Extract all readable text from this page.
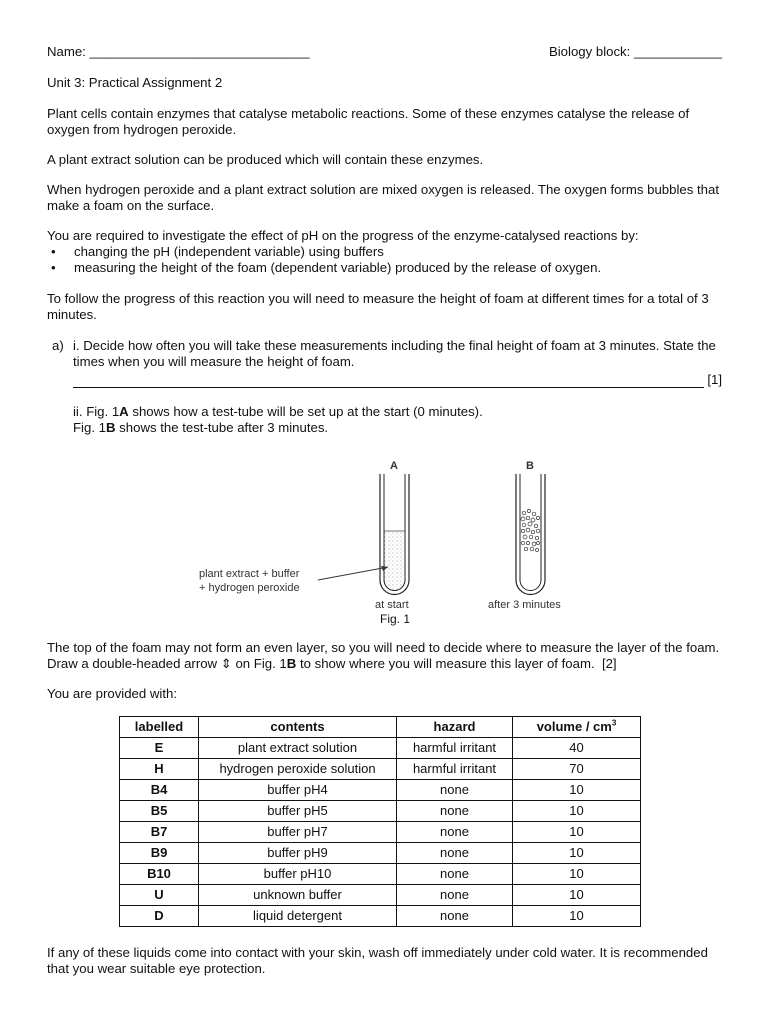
Name: ______________________________	Biology block: ____________

Unit 3: Practical Assignment 2

Plant cells contain enzymes that catalyse metabolic reactions. Some of these enzymes catalyse the release of oxygen from hydrogen peroxide.

A plant extract solution can be produced which will contain these enzymes.

When hydrogen peroxide and a plant extract solution are mixed oxygen is released. The oxygen forms bubbles that make a foam on the surface.

You are required to investigate the effect of pH on the progress of the enzyme-catalysed reactions by:

• changing the pH (independent variable) using buffers
• measuring the height of the foam (dependent variable) produced by the release of oxygen.

To follow the progress of this reaction you will need to measure the height of foam at different times for a total of 3 minutes.

a) i. Decide how often you will take these measurements including the final height of foam at 3 minutes. State the times when you will measure the height of foam.

[1]

ii. Fig. 1A shows how a test-tube will be set up at the start (0 minutes).

Fig. 1B shows the test-tube after 3 minutes.

A	B
plant extract + buffer
+ hydrogen peroxide
at start	after 3 minutes
Fig. 1

The top of the foam may not form an even layer, so you will need to decide where to measure the layer of the foam. Draw a double-headed arrow ⇕ on Fig. 1B to show where you will measure this layer of foam. [2]

You are provided with:

labelled	contents	hazard	volume / $cm^3$
E	plant extract solution	harmful irritant	40
H	hydrogen peroxide solution	harmful irritant	70
B4	buffer pH4	none	10
B5	buffer pH5	none	10
B7	buffer pH7	none	10
B9	buffer pH9	none	10
B10	buffer pH10	none	10
U	unknown buffer	none	10
D	liquid detergent	none	10

If any of these liquids come into contact with your skin, wash off immediately under cold water. It is recommended that you wear suitable eye protection.
